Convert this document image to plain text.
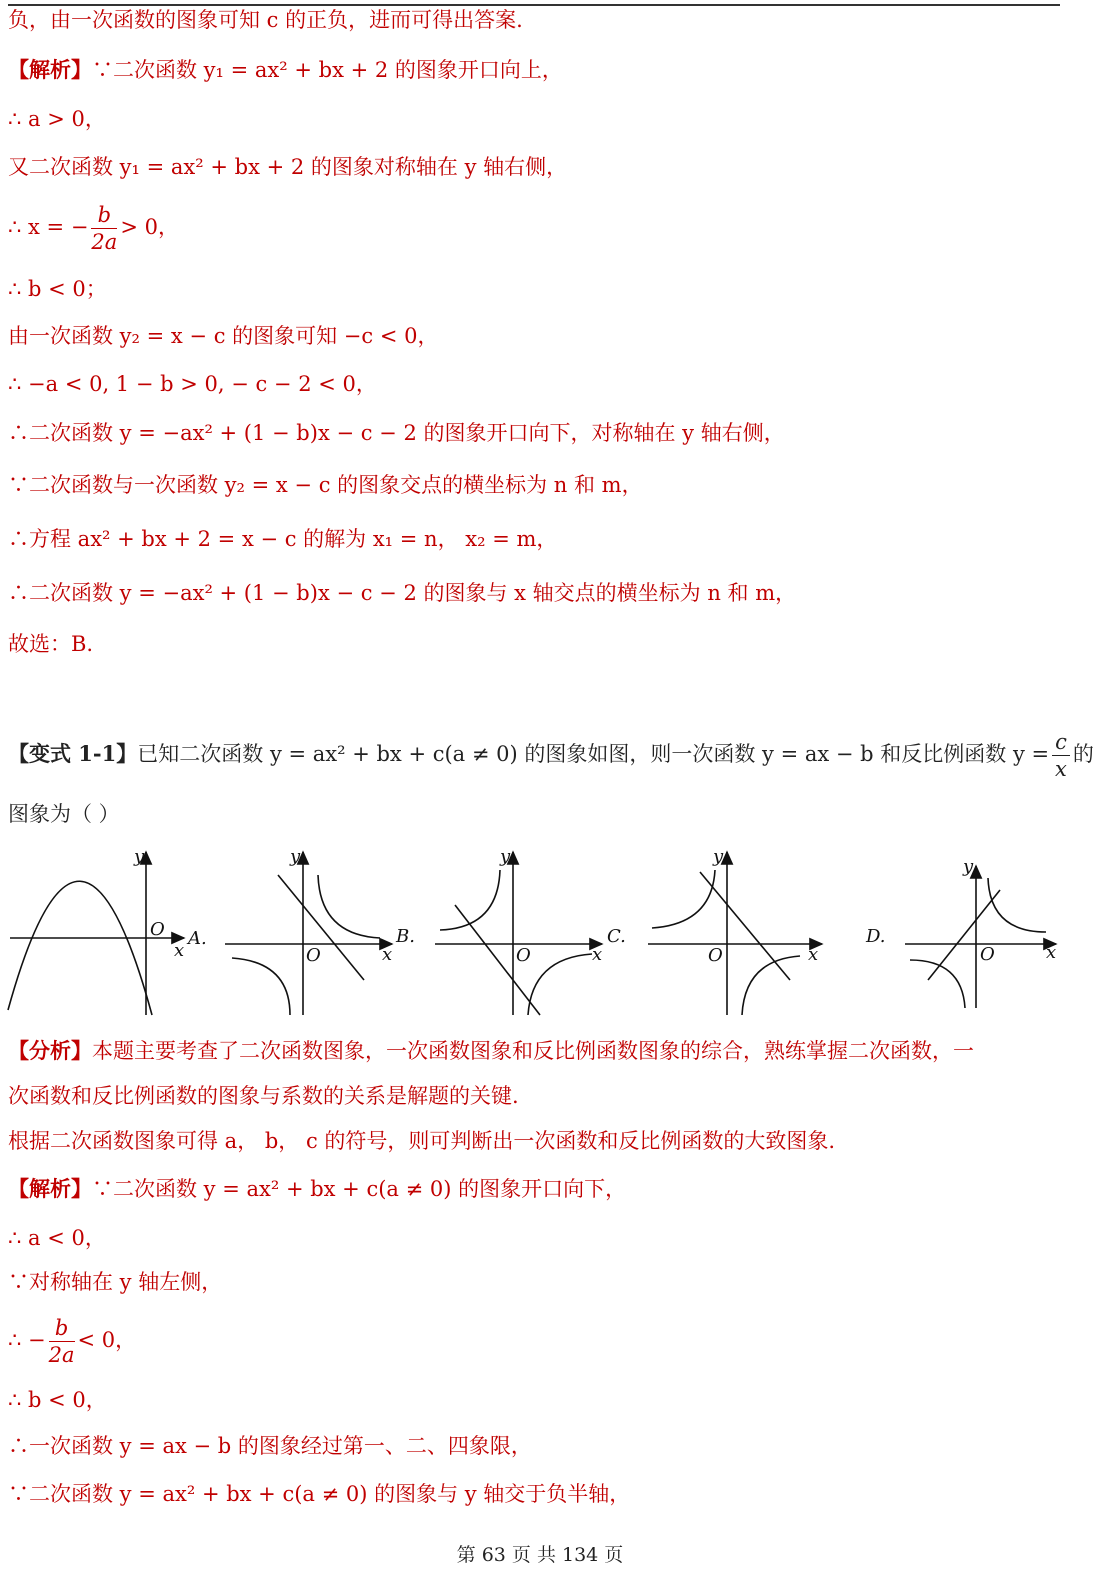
负，由一次函数的图象可知 c 的正负，进而可得出答案.
【解析】∵二次函数 y₁ = ax² + bx + 2 的图象开口向上，
∴ a > 0，
又二次函数 y₁ = ax² + bx + 2 的图象对称轴在 y 轴右侧，
∴ x = − $\frac{b}{2a} > 0$，
∴ b < 0；
由一次函数 y₂ = x − c 的图象可知 −c < 0，
∴ −a < 0, 1 − b > 0, − c − 2 < 0，
∴二次函数 y = −ax² + (1 − b)x − c − 2 的图象开口向下，对称轴在 y 轴右侧，
∵二次函数与一次函数 y₂ = x − c 的图象交点的横坐标为 n 和 m，
∴方程 ax² + bx + 2 = x − c 的解为 x₁ = n， x₂ = m，
∴二次函数 y = −ax² + (1 − b)x − c − 2 的图象与 x 轴交点的横坐标为 n 和 m，
故选：B.
【变式 1-1】已知二次函数 y = ax² + bx + c(a ≠ 0) 的图象如图，则一次函数 y = ax − b 和反比例函数 $y = \frac{c}{x}$ 的
图象为（ ）
y
x
O A.
y
x
O
B.
y
x
O
C.
y
x
O
D.
y
x
O
【分析】本题主要考查了二次函数图象，一次函数图象和反比例函数图象的综合，熟练掌握二次函数，一
次函数和反比例函数的图象与系数的关系是解题的关键.
根据二次函数图象可得 a， b， c 的符号，则可判断出一次函数和反比例函数的大致图象.
【解析】∵二次函数 y = ax² + bx + c(a ≠ 0) 的图象开口向下，
∴ a < 0，
∵对称轴在 y 轴左侧，
∴ − $\frac{b}{2a} < 0$，
∴ b < 0，
∴一次函数 y = ax − b 的图象经过第一、二、四象限，
∵二次函数 y = ax² + bx + c(a ≠ 0) 的图象与 y 轴交于负半轴，
第 63 页 共 134 页
